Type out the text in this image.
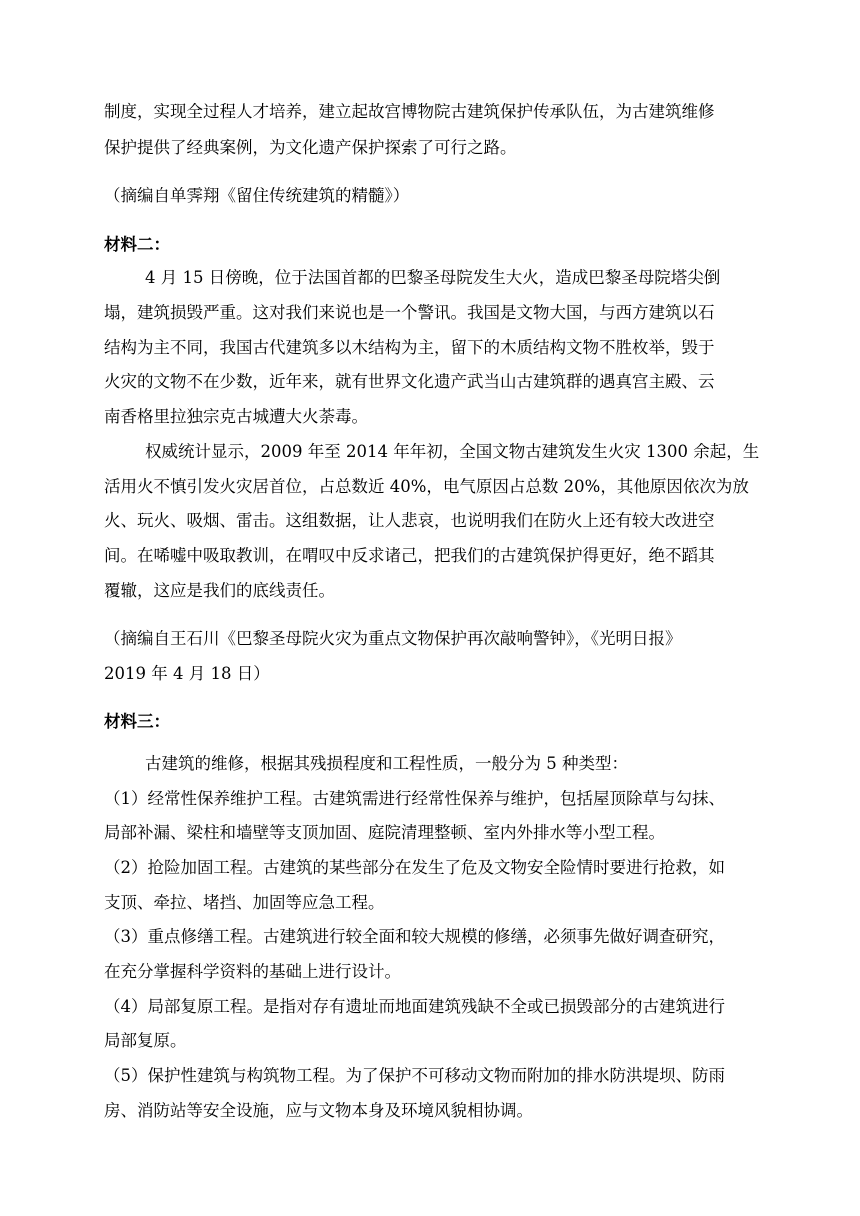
制度，实现全过程人才培养，建立起故宫博物院古建筑保护传承队伍，为古建筑维修
保护提供了经典案例，为文化遗产保护探索了可行之路。
（摘编自单霁翔《留住传统建筑的精髓》）
材料二：
4 月 15 日傍晚，位于法国首都的巴黎圣母院发生大火，造成巴黎圣母院塔尖倒
塌，建筑损毁严重。这对我们来说也是一个警讯。我国是文物大国，与西方建筑以石
结构为主不同，我国古代建筑多以木结构为主，留下的木质结构文物不胜枚举，毁于
火灾的文物不在少数，近年来，就有世界文化遗产武当山古建筑群的遇真宫主殿、云
南香格里拉独宗克古城遭大火荼毒。
权威统计显示，2009 年至 2014 年年初，全国文物古建筑发生火灾 1300 余起，生
活用火不慎引发火灾居首位，占总数近 40%，电气原因占总数 20%，其他原因依次为放
火、玩火、吸烟、雷击。这组数据，让人悲哀，也说明我们在防火上还有较大改进空
间。在唏嘘中吸取教训，在喟叹中反求诸己，把我们的古建筑保护得更好，绝不蹈其
覆辙，这应是我们的底线责任。
（摘编自王石川《巴黎圣母院火灾为重点文物保护再次敲响警钟》，《光明日报》
2019 年 4 月 18 日）
材料三：
古建筑的维修，根据其残损程度和工程性质，一般分为 5 种类型：
（1）经常性保养维护工程。古建筑需进行经常性保养与维护，包括屋顶除草与勾抹、
局部补漏、梁柱和墙壁等支顶加固、庭院清理整顿、室内外排水等小型工程。
（2）抢险加固工程。古建筑的某些部分在发生了危及文物安全险情时要进行抢救，如
支顶、牵拉、堵挡、加固等应急工程。
（3）重点修缮工程。古建筑进行较全面和较大规模的修缮，必须事先做好调查研究，
在充分掌握科学资料的基础上进行设计。
（4）局部复原工程。是指对存有遗址而地面建筑残缺不全或已损毁部分的古建筑进行
局部复原。
（5）保护性建筑与构筑物工程。为了保护不可移动文物而附加的排水防洪堤坝、防雨
房、消防站等安全设施，应与文物本身及环境风貌相协调。
